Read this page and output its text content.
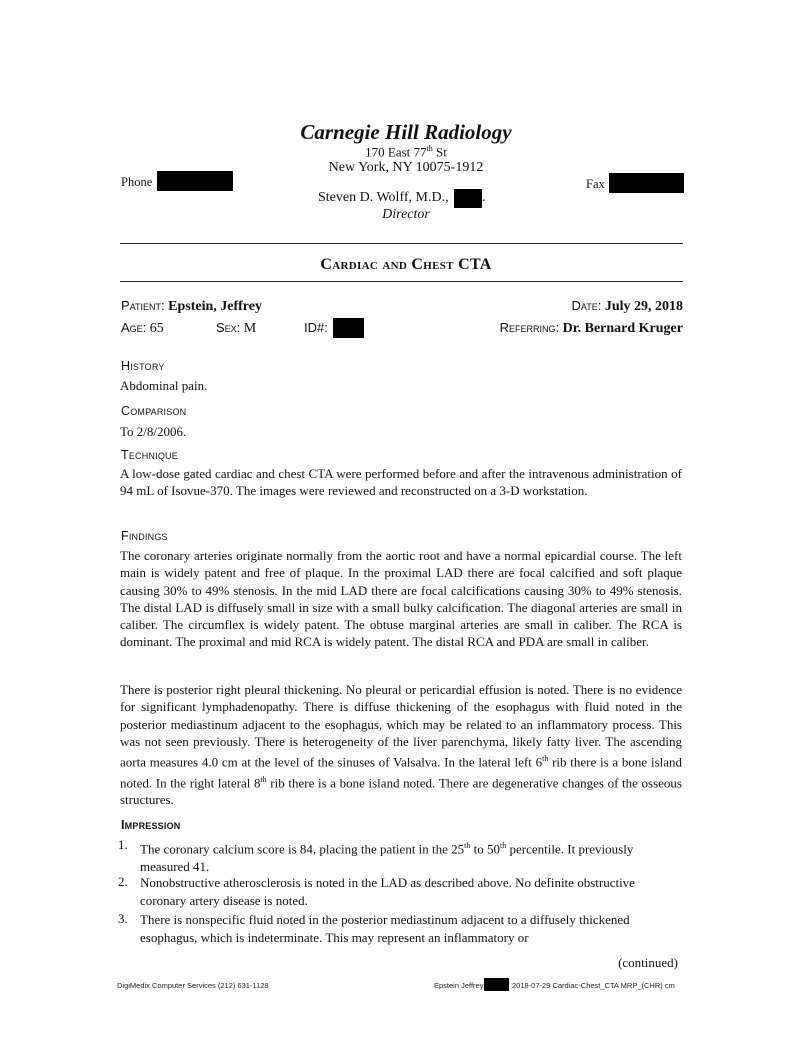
Carnegie Hill Radiology
170 East 77th St
New York, NY 10075-1912
Phone	Fax
Steven D. Wolff, M.D., .
Director
Cardiac and Chest CTA
Patient: Epstein, Jeffrey	Date: July 29, 2018
Age: 65	Sex: M	ID#:	Referring: Dr. Bernard Kruger
History
Abdominal pain.
Comparison
To 2/8/2006.
Technique
A low-dose gated cardiac and chest CTA were performed before and after the intravenous administration of 94 mL of Isovue-370. The images were reviewed and reconstructed on a 3-D workstation.
Findings
The coronary arteries originate normally from the aortic root and have a normal epicardial course. The left main is widely patent and free of plaque. In the proximal LAD there are focal calcified and soft plaque causing 30% to 49% stenosis. In the mid LAD there are focal calcifications causing 30% to 49% stenosis. The distal LAD is diffusely small in size with a small bulky calcification. The diagonal arteries are small in caliber. The circumflex is widely patent. The obtuse marginal arteries are small in caliber. The RCA is dominant. The proximal and mid RCA is widely patent. The distal RCA and PDA are small in caliber.
There is posterior right pleural thickening. No pleural or pericardial effusion is noted. There is no evidence for significant lymphadenopathy. There is diffuse thickening of the esophagus with fluid noted in the posterior mediastinum adjacent to the esophagus, which may be related to an inflammatory process. This was not seen previously. There is heterogeneity of the liver parenchyma, likely fatty liver. The ascending aorta measures 4.0 cm at the level of the sinuses of Valsalva. In the lateral left 6th rib there is a bone island noted. In the right lateral 8th rib there is a bone island noted. There are degenerative changes of the osseous structures.
Impression
1. The coronary calcium score is 84, placing the patient in the 25th to 50th percentile. It previously measured 41.
2. Nonobstructive atherosclerosis is noted in the LAD as described above. No definite obstructive coronary artery disease is noted.
3. There is nonspecific fluid noted in the posterior mediastinum adjacent to a diffusely thickened esophagus, which is indeterminate. This may represent an inflammatory or
(continued)
DigiMedix Computer Services (212) 631-1128	Epstein Jeffrey	2018-07-29 Cardiac-Chest_CTA MRP_(CHR) cm
